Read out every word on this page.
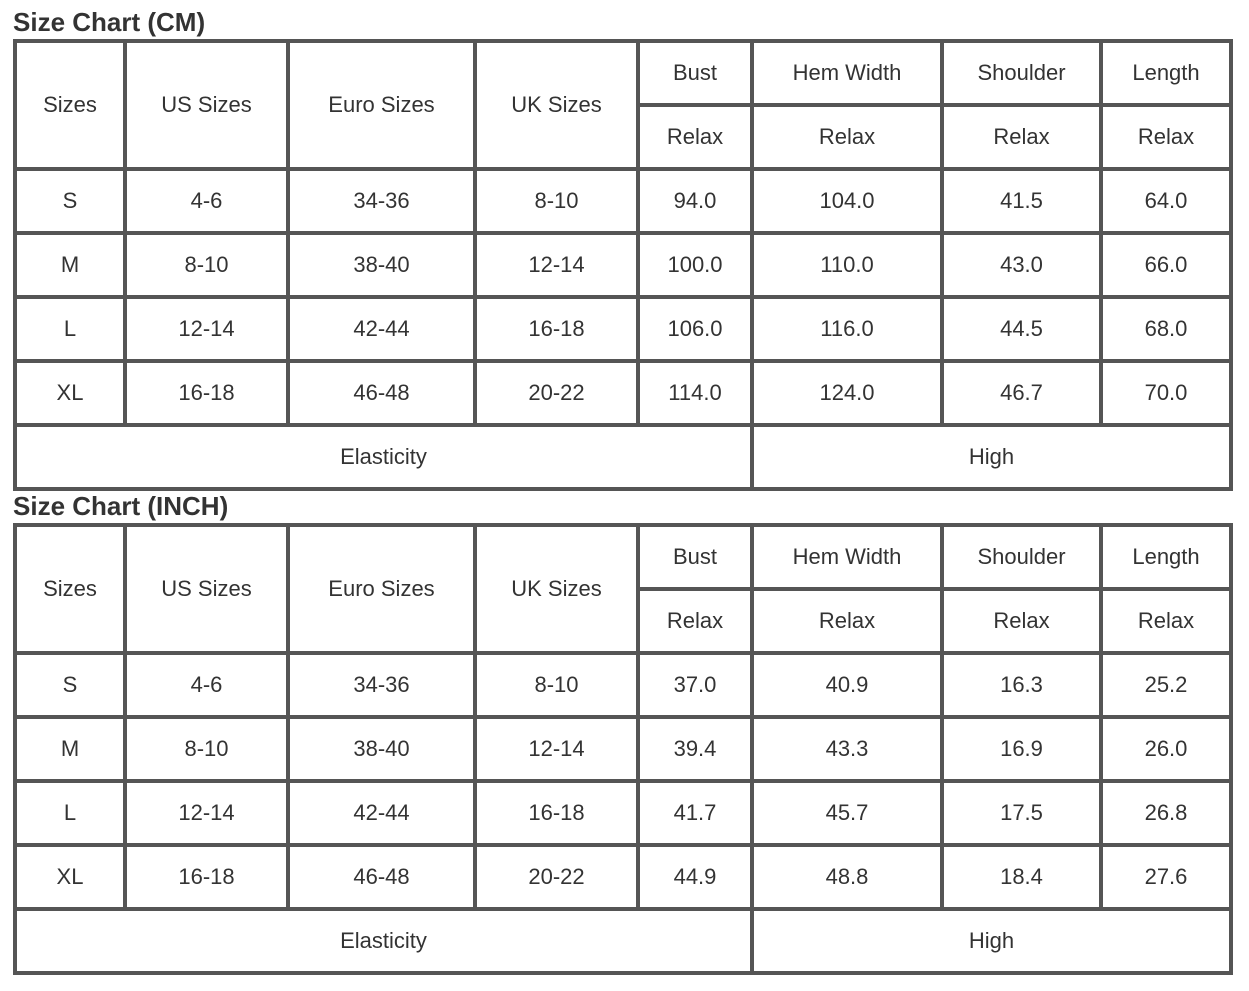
Size Chart (CM)
Sizes	US Sizes	Euro Sizes	UK Sizes	Bust	Hem Width	Shoulder	Length
				Relax	Relax	Relax	Relax
S	4-6	34-36	8-10	94.0	104.0	41.5	64.0
M	8-10	38-40	12-14	100.0	110.0	43.0	66.0
L	12-14	42-44	16-18	106.0	116.0	44.5	68.0
XL	16-18	46-48	20-22	114.0	124.0	46.7	70.0
Elasticity					High		
Size Chart (INCH)
Sizes	US Sizes	Euro Sizes	UK Sizes	Bust	Hem Width	Shoulder	Length
				Relax	Relax	Relax	Relax
S	4-6	34-36	8-10	37.0	40.9	16.3	25.2
M	8-10	38-40	12-14	39.4	43.3	16.9	26.0
L	12-14	42-44	16-18	41.7	45.7	17.5	26.8
XL	16-18	46-48	20-22	44.9	48.8	18.4	27.6
Elasticity					High		
